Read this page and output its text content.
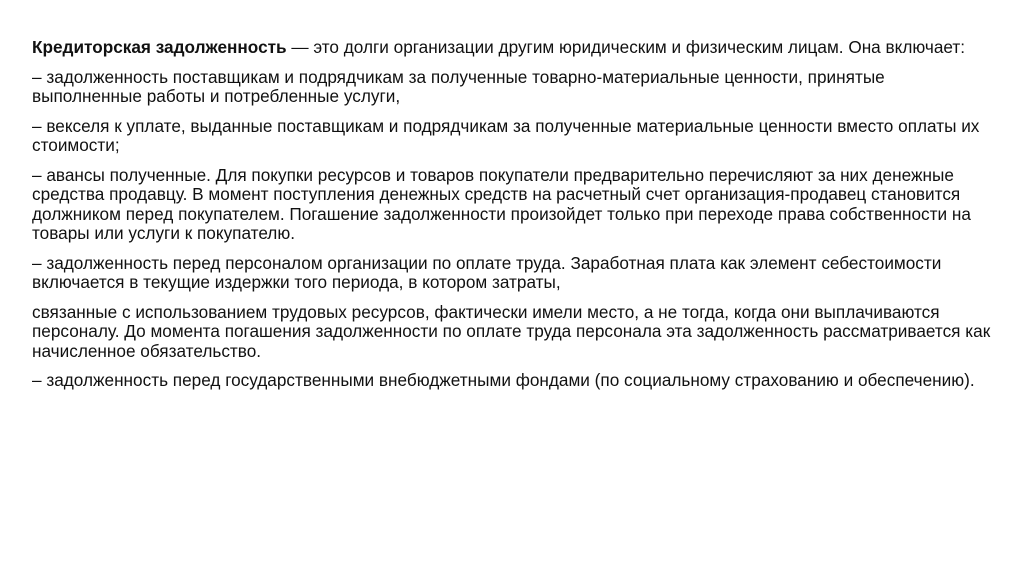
Кредиторская задолженность — это долги организации другим юридическим и физическим лицам. Она включает:

– задолженность поставщикам и подрядчикам за полученные товарно-материальные ценности, принятые выполненные работы и потребленные услуги,

– векселя к уплате, выданные поставщикам и подрядчикам за полученные материальные ценности вместо оплаты их стоимости;

– авансы полученные. Для покупки ресурсов и товаров покупатели предварительно перечисляют за них денежные средства продавцу. В момент поступления денежных средств на расчетный счет организация-продавец становится должником перед покупателем. Погашение задолженности произойдет только при переходе права собственности на товары или услуги к покупателю.

– задолженность перед персоналом организации по оплате труда. Заработная плата как элемент себестоимости включается в текущие издержки того периода, в котором затраты,

связанные с использованием трудовых ресурсов, фактически имели место, а не тогда, когда они выплачиваются персоналу. До момента погашения задолженности по оплате труда персонала эта задолженность рассматривается как начисленное обязательство.

– задолженность перед государственными внебюджетными фондами (по социальному страхованию и обеспечению).
